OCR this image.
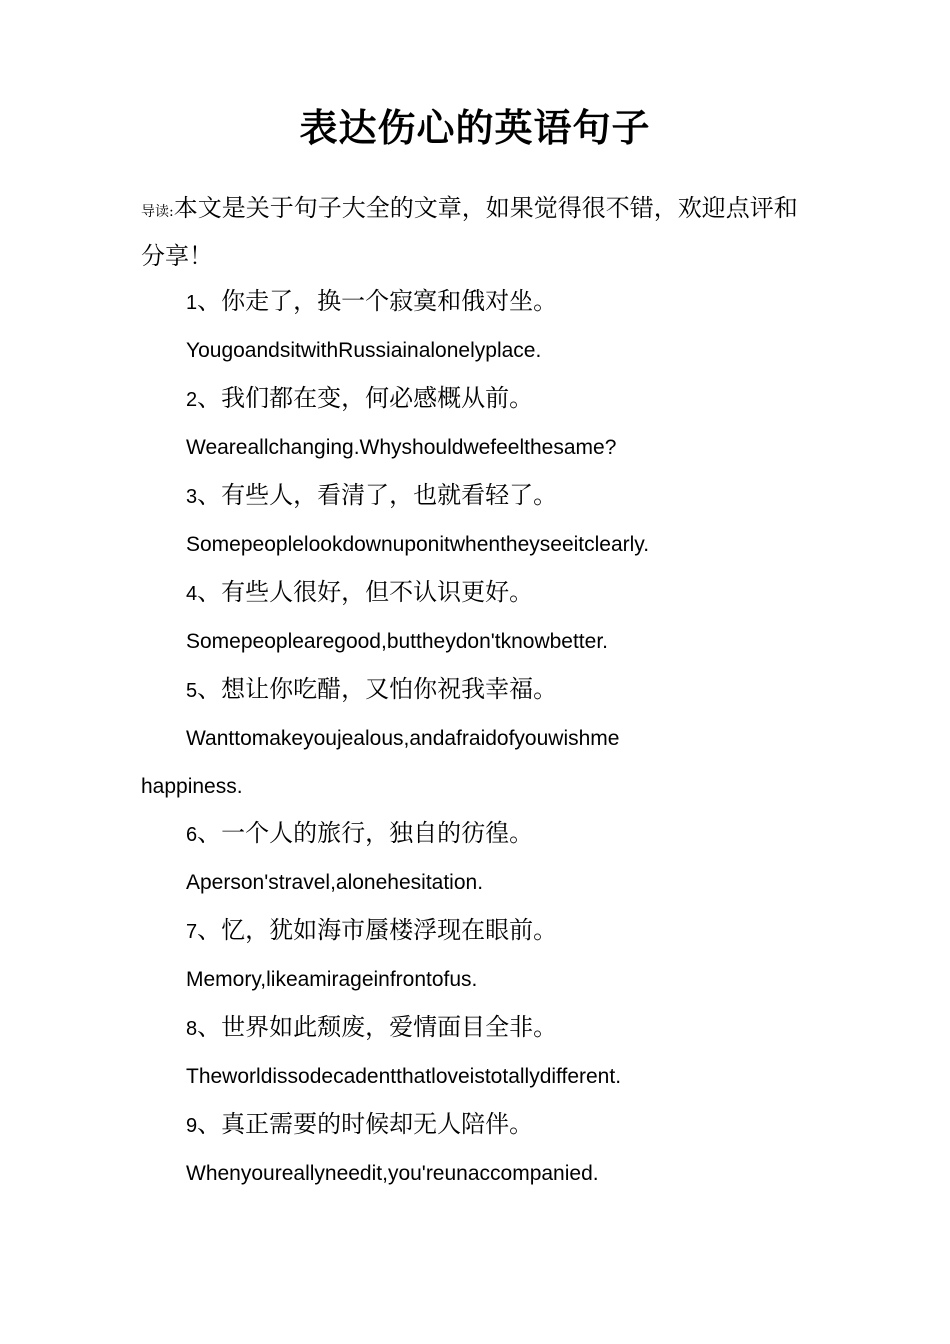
表达伤心的英语句子
导读:本文是关于句子大全的文章，如果觉得很不错，欢迎点评和分享！
1、你走了，换一个寂寞和俄对坐。
YougoandsitwithRussiainalonelyplace.
2、我们都在变，何必感概从前。
Weareallchanging.Whyshouldwefeelthesame?
3、有些人，看清了，也就看轻了。
Somepeoplelookdownuponitwhentheyseeitclearly.
4、有些人很好，但不认识更好。
Somepeoplearegood,buttheydon'tknowbetter.
5、想让你吃醋，又怕你祝我幸福。
Wanttomakeyoujealous,andafraidofyouwishme
happiness.
6、一个人的旅行，独自的彷徨。
Aperson'stravel,alonehesitation.
7、忆，犹如海市蜃楼浮现在眼前。
Memory,likeamirageinfrontofus.
8、世界如此颓废，爱情面目全非。
Theworldissodecadentthatloveistotallydifferent.
9、真正需要的时候却无人陪伴。
Whenyoureallyneedit,you'reunaccompanied.
